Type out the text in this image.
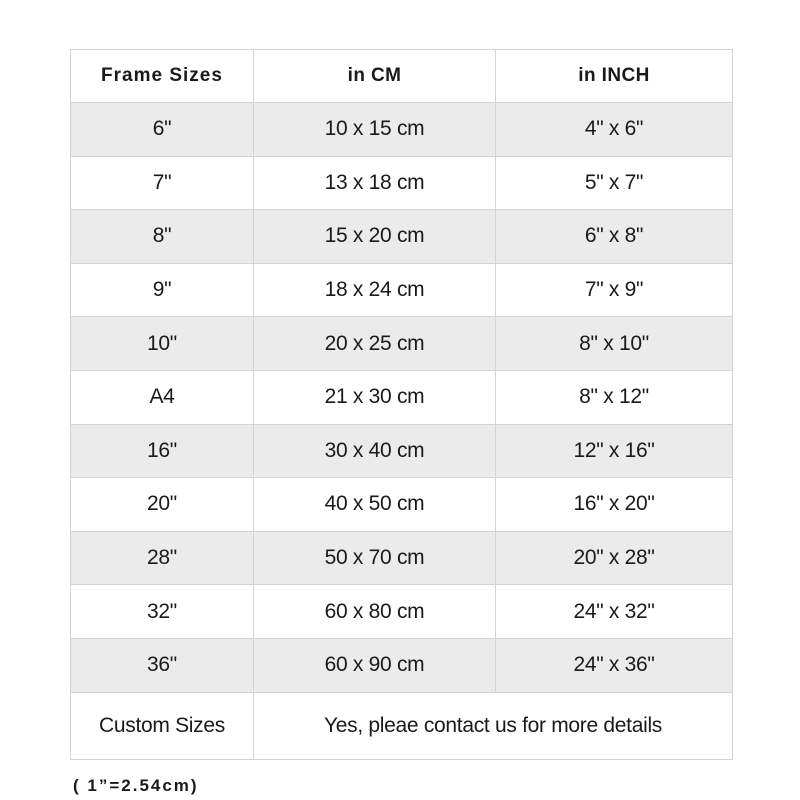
Frame Sizes	in CM	in INCH
6"	10 x 15 cm	4" x 6"
7"	13 x 18 cm	5" x 7"
8"	15 x 20 cm	6" x 8"
9"	18 x 24 cm	7" x 9"
10"	20 x 25 cm	8" x 10"
A4	21 x 30 cm	8" x 12"
16"	30 x 40 cm	12" x 16"
20"	40 x 50 cm	16" x 20"
28"	50 x 70 cm	20" x 28"
32"	60 x 80 cm	24" x 32"
36"	60 x 90 cm	24" x 36"
Custom Sizes	Yes, pleae contact us for more details	
( 1”=2.54cm)
